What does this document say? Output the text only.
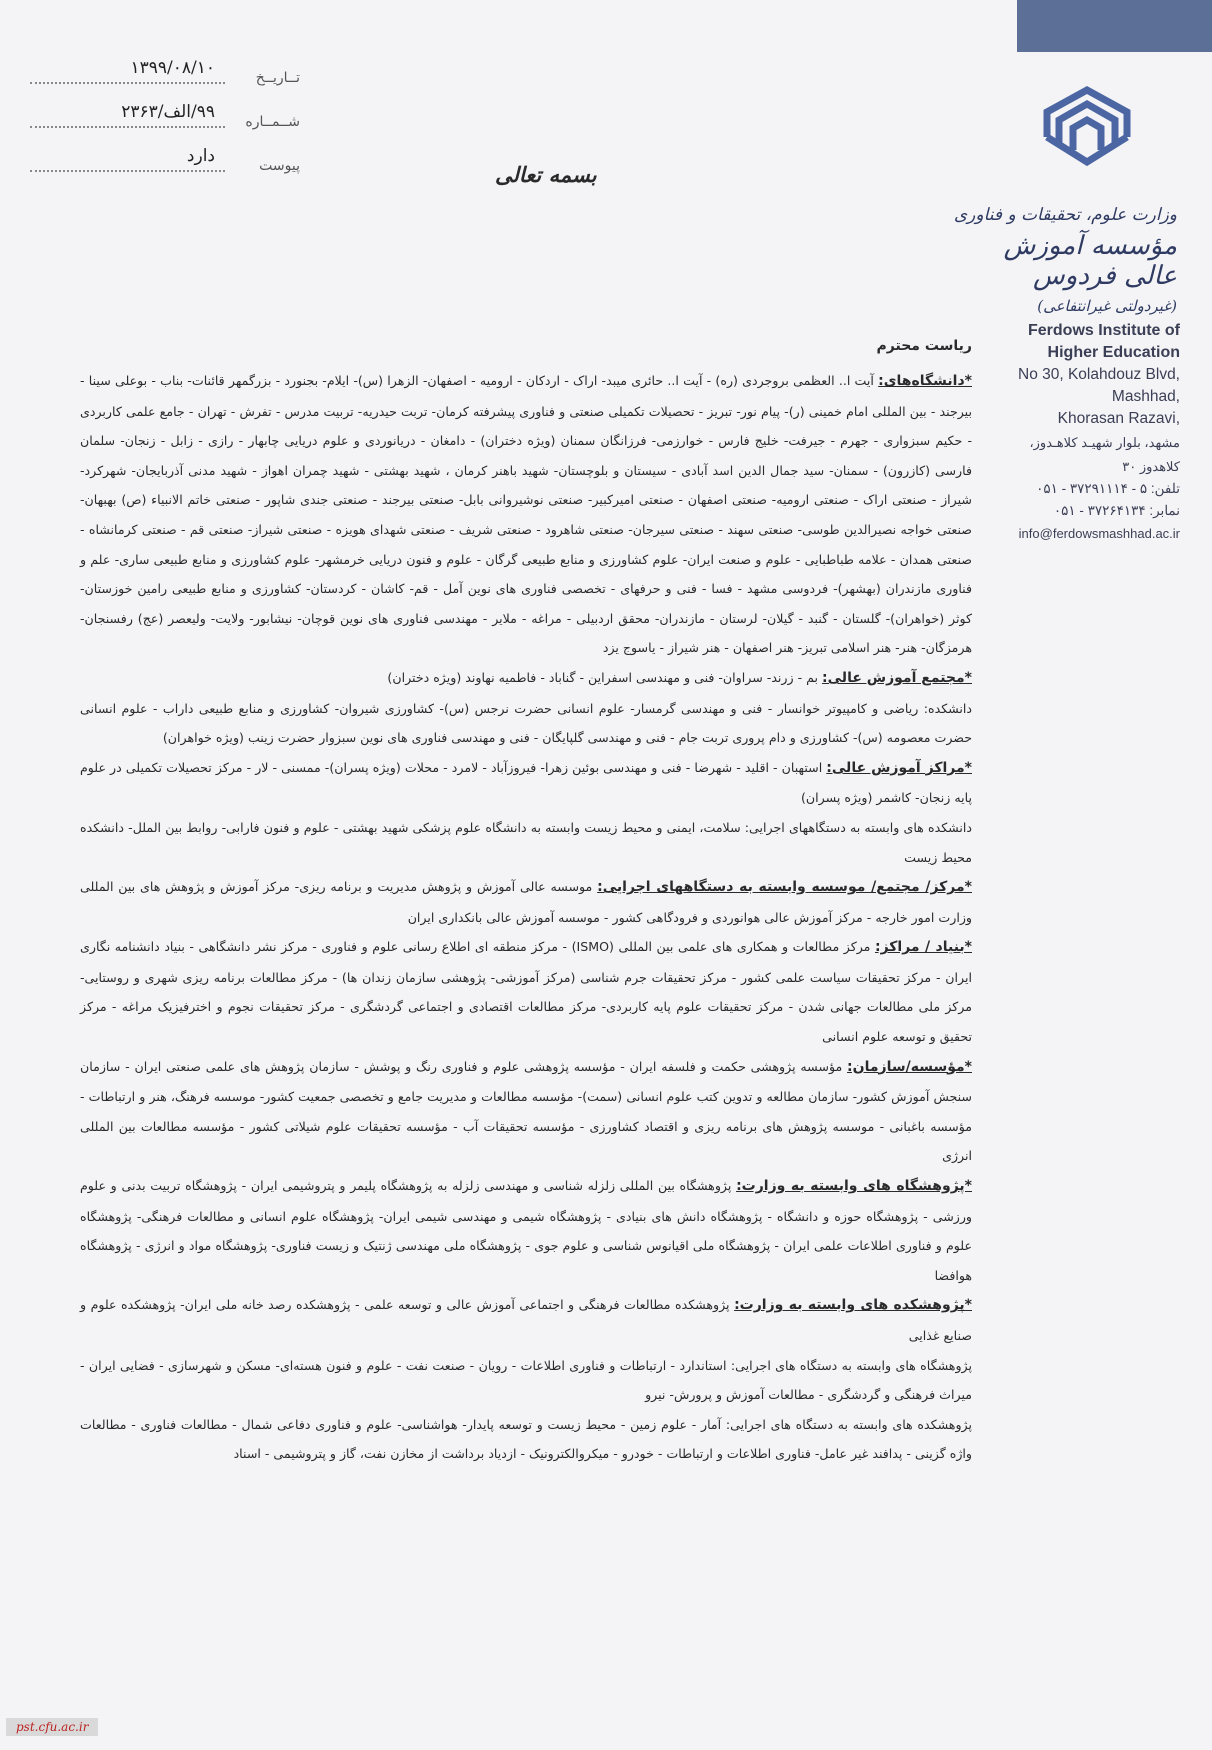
وزارت علوم، تحقیقات و فناوری
مؤسسه آموزش عالی فردوس
(غیردولتی غیرانتفاعی)
Ferdows Institute of
Higher Education
No 30, Kolahdouz Blvd,
Mashhad,
Khorasan Razavi,
مشهد، بلوار شهیـد کلاهـدوز،
کلاهدوز ۳۰
تلفن: ۵ - ۳۷۲۹۱۱۱۴ - ۰۵۱
نمابر: ۳۷۲۶۴۱۳۴ - ۰۵۱
info@ferdowsmashhad.ac.ir
تــاریــخ
۱۳۹۹/۰۸/۱۰
شــمــاره
۹۹/الف/۲۳۶۳
پیوست
دارد
بسمه تعالی
ریاست محترم

*دانشگاه‌های: آیت ا.. العظمی بروجردی (ره) - آیت ا.. حائری میبد- اراک - اردکان - ارومیه - اصفهان- الزهرا (س)- ایلام- بجنورد - بزرگمهر قائنات- بناب - بوعلی سینا - بیرجند - بین المللی امام خمینی (ر)- پیام نور- تبریز - تحصیلات تکمیلی صنعتی و فناوری پیشرفته کرمان- تربت حیدریه- تربیت مدرس - تفرش - تهران - جامع علمی کاربردی - حکیم سبزواری - جهرم - جیرفت- خلیج فارس - خوارزمی- فرزانگان سمنان (ویژه دختران) - دامغان - دریانوردی و علوم دریایی چابهار - رازی - زابل - زنجان- سلمان فارسی (کازرون) - سمنان- سید جمال الدین اسد آبادی - سیستان و بلوچستان- شهید باهنر کرمان ، شهید بهشتی - شهید چمران اهواز - شهید مدنی آذربایجان- شهرکرد- شیراز - صنعتی اراک - صنعتی ارومیه- صنعتی اصفهان - صنعتی امیرکبیر- صنعتی نوشیروانی بابل- صنعتی بیرجند - صنعتی جندی شاپور - صنعتی خاتم الانبیاء (ص) بهبهان- صنعتی خواجه نصیرالدین طوسی- صنعتی سهند - صنعتی سیرجان- صنعتی شاهرود - صنعتی شریف - صنعتی شهدای هویزه - صنعتی شیراز- صنعتی قم - صنعتی کرمانشاه - صنعتی همدان - علامه طباطبایی - علوم و صنعت ایران- علوم کشاورزی و منابع طبیعی گرگان - علوم و فنون دریایی خرمشهر- علوم کشاورزی و منابع طبیعی ساری- علم و فناوری مازندران (بهشهر)- فردوسی مشهد - فسا - فنی و حرفهای - تخصصی فناوری های نوین آمل - قم- کاشان - کردستان- کشاورزی و منابع طبیعی رامین خوزستان- کوثر (خواهران)- گلستان - گنبد - گیلان- لرستان - مازندران- محقق اردبیلی - مراغه - ملایر - مهندسی فناوری های نوین قوچان- نیشابور- ولایت- ولیعصر (عج) رفسنجان- هرمزگان- هنر- هنر اسلامی تبریز- هنر اصفهان - هنر شیراز - یاسوج یزد

*مجتمع آموزش عالی: بم - زرند- سراوان- فنی و مهندسی اسفراین - گناباد - فاطمیه نهاوند (ویژه دختران)

دانشکده: ریاضی و کامپیوتر خوانسار - فنی و مهندسی گرمسار- علوم انسانی حضرت نرجس (س)- کشاورزی شیروان- کشاورزی و منابع طبیعی داراب - علوم انسانی حضرت معصومه (س)- کشاورزی و دام پروری تربت جام - فنی و مهندسی گلپایگان - فنی و مهندسی فناوری های نوین سبزوار حضرت زینب (ویژه خواهران)

*مراکز آموزش عالی: استهبان - اقلید - شهرضا - فنی و مهندسی بوئین زهرا- فیروزآباد - لامرد - محلات (ویژه پسران)- ممسنی - لار - مرکز تحصیلات تکمیلی در علوم پایه زنجان- کاشمر (ویژه پسران)

دانشکده های وابسته به دستگاههای اجرایی: سلامت، ایمنی و محیط زیست وابسته به دانشگاه علوم پزشکی شهید بهشتی - علوم و فنون فارابی- روابط بین الملل- دانشکده محیط زیست

*مرکز/ مجتمع/ موسسه وابسته به دستگاههای اجرایی: موسسه عالی آموزش و پژوهش مدیریت و برنامه ریزی- مرکز آموزش و پژوهش های بین المللی وزارت امور خارجه - مرکز آموزش عالی هوانوردی و فرودگاهی کشور - موسسه آموزش عالی بانکداری ایران

*بنیاد / مراکز: مرکز مطالعات و همکاری های علمی بین المللی (ISMO) - مرکز منطقه ای اطلاع رسانی علوم و فناوری - مرکز نشر دانشگاهی - بنیاد دانشنامه نگاری ایران - مرکز تحقیقات سیاست علمی کشور - مرکز تحقیقات جرم شناسی (مرکز آموزشی- پژوهشی سازمان زندان ها) - مرکز مطالعات برنامه ریزی شهری و روستایی- مرکز ملی مطالعات جهانی شدن - مرکز تحقیقات علوم پایه کاربردی- مرکز مطالعات اقتصادی و اجتماعی گردشگری - مرکز تحقیقات نجوم و اخترفیزیک مراغه - مرکز تحقیق و توسعه علوم انسانی

*مؤسسه/سازمان: مؤسسه پژوهشی حکمت و فلسفه ایران - مؤسسه پژوهشی علوم و فناوری رنگ و پوشش - سازمان پژوهش های علمی صنعتی ایران - سازمان سنجش آموزش کشور- سازمان مطالعه و تدوین کتب علوم انسانی (سمت)- مؤسسه مطالعات و مدیریت جامع و تخصصی جمعیت کشور- موسسه فرهنگ، هنر و ارتباطات - مؤسسه باغبانی - موسسه پژوهش های برنامه ریزی و اقتصاد کشاورزی - مؤسسه تحقیقات آب - مؤسسه تحقیقات علوم شیلاتی کشور - مؤسسه مطالعات بین المللی انرژی

*پژوهشگاه های وابسته به وزارت: پژوهشگاه بین المللی زلزله شناسی و مهندسی زلزله به پژوهشگاه پلیمر و پتروشیمی ایران - پژوهشگاه تربیت بدنی و علوم ورزشی - پژوهشگاه حوزه و دانشگاه - پژوهشگاه دانش های بنیادی - پژوهشگاه شیمی و مهندسی شیمی ایران- پژوهشگاه علوم انسانی و مطالعات فرهنگی- پژوهشگاه علوم و فناوری اطلاعات علمی ایران - پژوهشگاه ملی اقیانوس شناسی و علوم جوی - پژوهشگاه ملی مهندسی ژنتیک و زیست فناوری- پژوهشگاه مواد و انرژی - پژوهشگاه هوافضا

*پژوهشکده های وابسته به وزارت: پژوهشکده مطالعات فرهنگی و اجتماعی آموزش عالی و توسعه علمی - پژوهشکده رصد خانه ملی ایران- پژوهشکده علوم و صنایع غذایی

پژوهشگاه های وابسته به دستگاه های اجرایی: استاندارد - ارتباطات و فناوری اطلاعات - رویان - صنعت نفت - علوم و فنون هسته‌ای- مسکن و شهرسازی - فضایی ایران - میراث فرهنگی و گردشگری - مطالعات آموزش و پرورش- نیرو

پژوهشکده های وابسته به دستگاه های اجرایی: آمار - علوم زمین - محیط زیست و توسعه پایدار- هواشناسی- علوم و فناوری دفاعی شمال - مطالعات فناوری - مطالعات واژه گزینی - پدافند غیر عامل- فناوری اطلاعات و ارتباطات - خودرو - میکروالکترونیک - ازدیاد برداشت از مخازن نفت، گاز و پتروشیمی - اسناد

pst.cfu.ac.ir
